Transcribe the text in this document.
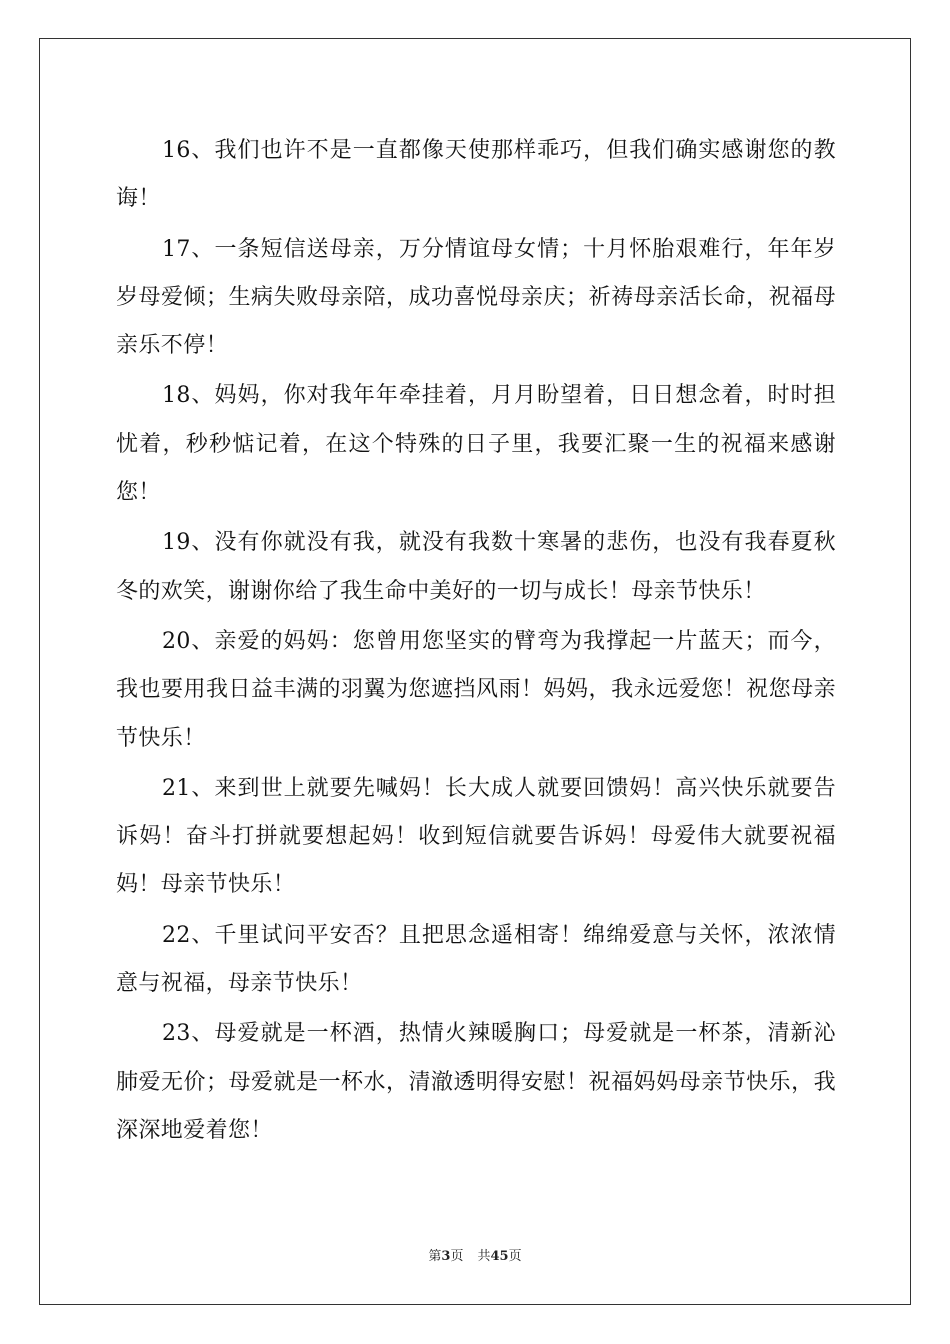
16、我们也许不是一直都像天使那样乖巧，但我们确实感谢您的教诲！

17、一条短信送母亲，万分情谊母女情；十月怀胎艰难行，年年岁岁母爱倾；生病失败母亲陪，成功喜悦母亲庆；祈祷母亲活长命，祝福母亲乐不停！

18、妈妈，你对我年年牵挂着，月月盼望着，日日想念着，时时担忧着，秒秒惦记着，在这个特殊的日子里，我要汇聚一生的祝福来感谢您！

19、没有你就没有我，就没有我数十寒暑的悲伤，也没有我春夏秋冬的欢笑，谢谢你给了我生命中美好的一切与成长！母亲节快乐！

20、亲爱的妈妈：您曾用您坚实的臂弯为我撑起一片蓝天；而今，我也要用我日益丰满的羽翼为您遮挡风雨！妈妈，我永远爱您！祝您母亲节快乐！

21、来到世上就要先喊妈！长大成人就要回馈妈！高兴快乐就要告诉妈！奋斗打拼就要想起妈！收到短信就要告诉妈！母爱伟大就要祝福妈！母亲节快乐！

22、千里试问平安否？且把思念遥相寄！绵绵爱意与关怀，浓浓情意与祝福，母亲节快乐！

23、母爱就是一杯酒，热情火辣暖胸口；母爱就是一杯茶，清新沁肺爱无价；母爱就是一杯水，清澈透明得安慰！祝福妈妈母亲节快乐，我深深地爱着您！

第3页 共45页
